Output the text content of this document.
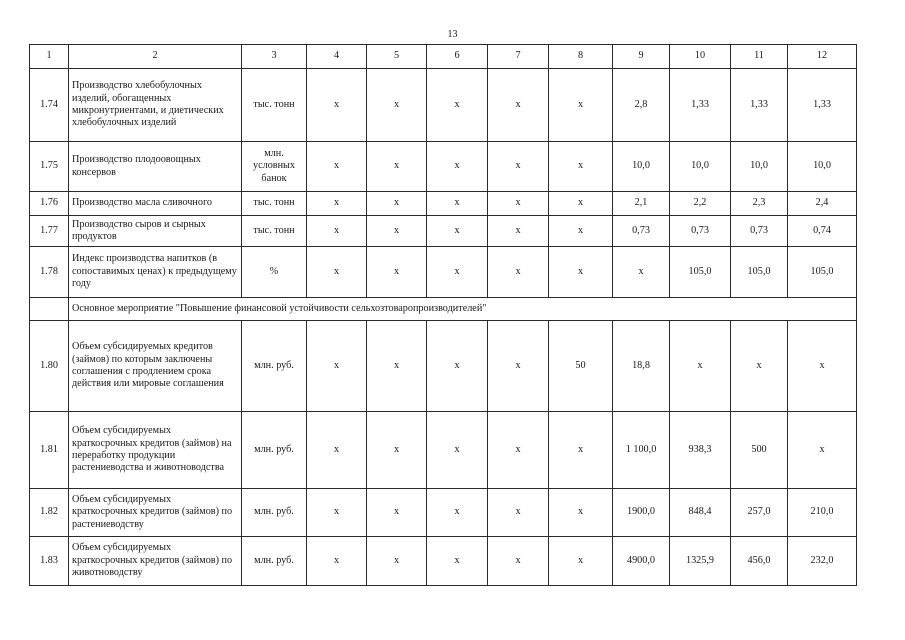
13
1	2	3	4	5	6	7	8	9	10	11	12
1.74	Производство хлебобулочных изделий, обогащенных микронутриентами, и диетических хлебобулочных изделий	тыс. тонн	х	х	х	х	х	2,8	1,33	1,33	1,33
1.75	Производство плодоовощных консервов	млн. условных банок	х	х	х	х	х	10,0	10,0	10,0	10,0
1.76	Производство масла сливочного	тыс. тонн	х	х	х	х	х	2,1	2,2	2,3	2,4
1.77	Производство сыров и сырных продуктов	тыс. тонн	х	х	х	х	х	0,73	0,73	0,73	0,74
1.78	Индекс производства напитков (в сопоставимых ценах) к предыдущему году	%	х	х	х	х	х	х	105,0	105,0	105,0
	Основное мероприятие "Повышение финансовой устойчивости сельхозтоваропроизводителей"										
1.80	Объем субсидируемых кредитов (займов) по которым заключены соглашения с продлением срока действия или мировые соглашения	млн. руб.	х	х	х	х	50	18,8	х	х	х
1.81	Объем субсидируемых краткосрочных кредитов (займов) на переработку продукции растениеводства и животноводства	млн. руб.	х	х	х	х	х	1 100,0	938,3	500	х
1.82	Объем субсидируемых краткосрочных кредитов (займов) по растениеводству	млн. руб.	х	х	х	х	х	1900,0	848,4	257,0	210,0
1.83	Объем субсидируемых краткосрочных кредитов (займов) по животноводству	млн. руб.	х	х	х	х	х	4900,0	1325,9	456,0	232,0
